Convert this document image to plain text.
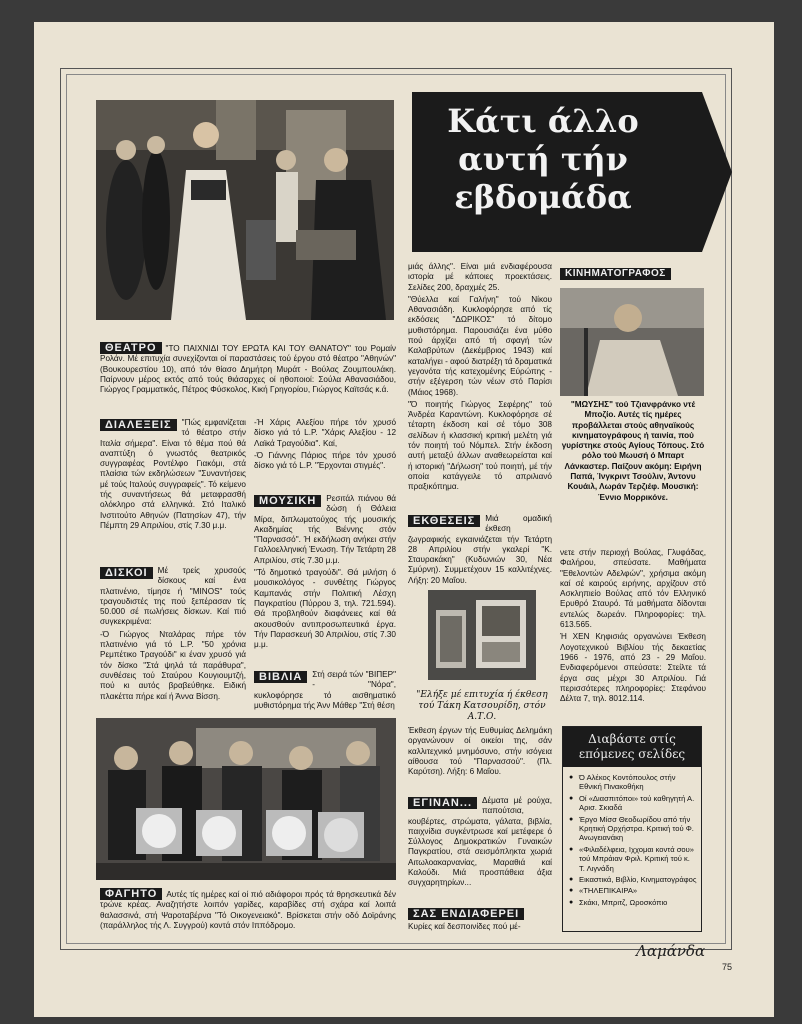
Κάτι άλλο αυτή τήν εβδομάδα
ΘΕΑΤΡΟ "ΤΟ ΠΑΙΧΝΙΔΙ ΤΟΥ ΕΡΩΤΑ ΚΑΙ ΤΟΥ ΘΑΝΑΤΟΥ" του Ρομαίν Ρολάν. Μέ επιτυχία συνεχίζονται οί παραστάσεις τού έργου στό θέατρο "Αθηνών" (Βουκουρεστίου 10), από τόν θίασο Δημήτρη Μυράτ - Βούλας Ζουμπουλάκη. Παίρνουν μέρος εκτός από τούς θιάσαρχες οί ηθοποιοί: Σούλα Αθανασιάδου, Γιώργος Γραμματικός, Πέτρος Φύσκολος, Κική Γρηγορίου, Γιώργος Καϊτσάς κ.ά.
ΔΙΑΛΕΞΕΙΣ	"Πώς εμφανίζεται τό θέατρο στήν Ιταλία σήμερα". Είναι τό θέμα πού θά αναπτύξη ό γνωστός θεατρικός συγγραφέας Ροντέλφο Γιακόμι, στά πλαίσια τών εκδηλώσεων "Συναντήσεις μέ τούς Ιταλούς συγγραφείς". Τό κείμενο τής συναντήσεως θά μεταφρασθή ολόκληρο στά ελληνικά. Στό Ιταλικό Ινστιτούτο Αθηνών (Πατησίων 47), τήν Πέμπτη 29 Απριλίου, στίς 7.30 μ.μ.

ΔΙΣΚΟΙ	Μέ τρείς χρυσούς δίσκους καί ένα πλατινένιο, τίμησε ή "MINOS" τούς τραγουδιστές της πού ξεπέρασαν τίς 50.000 σέ πωλήσεις δίσκων. Καί πιό συγκεκριμένα:

-Ό Γιώργος Νταλάρας πήρε τόν πλατινένιο γιά τό L.P. "50 χρόνια Ρεμπέτικο Τραγούδι" κι έναν χρυσό γιά τόν δίσκο "Στά ψηλά τά παράθυρα", συνθέσεις τού Σταύρου Κουγιουμτζή, πού κι αυτός βραβεύθηκε. Ειδική πλακέττα πήρε καί ή Άννα Βίσση.

-Ή Χάρις Αλεξίου πήρε τόν χρυσό δίσκο γιά τό L.P. "Χάρις Αλεξίου - 12 Λαϊκά Τραγούδια". Καί,

-Ό Γιάννης Πάριος πήρε τόν χρυσό δίσκο γιά τό L.P. "Έρχονται στιγμές".

ΜΟΥΣΙΚΗ	Ρεσιτάλ πιάνου θά δώση ή Θάλεια Μίρα, διπλωματούχος τής μουσικής Ακαδημίας τής Βιέννης στόν "Παρνασσό". Ή εκδήλωση ανήκει στήν Γαλλοελληνική Ένωση. Τήν Τετάρτη 28 Απριλίου, στίς 7.30 μ.μ.

"Τό δημοτικό τραγούδι". Θά μιλήση ό μουσικολόγος - συνθέτης Γιώργος Καμπανάς στήν Πολιτική Λέσχη Παγκρατίου (Πύρρου 3, τηλ. 721.594). Θά προβληθούν διαφάνειες καί θά ακουσθούν αντιπροσωπευτικά έργα. Τήν Παρασκευή 30 Απριλίου, στίς 7.30 μ.μ.

ΒΙΒΛΙΑ	Στή σειρά τών "ΒΙΠΕΡ" - "Νόρα", κυκλοφόρησε τό αισθηματικό μυθιστόρημα τής Άνν Μάθερ "Στή θέση
ΦΑΓΗΤΟ Αυτές τίς ημέρες καί οί πιό αδιάφοροι πρός τά θρησκευτικά δέν τρώνε κρέας. Αναζητήστε λοιπόν γαρίδες, καραβίδες στή σχάρα καί λοιπά θαλασσινά, στή Ψαροταβέρνα "Τό Οικογενειακό". Βρίσκεται στήν οδό Δοϊράνης (παράλληλος τής Λ. Συγγρού) κοντά στόν Ιππόδρομο.

μιάς άλλης". Είναι μιά ενδιαφέρουσα ιστορία μέ κάποιες προεκτάσεις. Σελίδες 200, δραχμές 25.

"Θύελλα καί Γαλήνη" τού Νίκου Αθανασιάδη. Κυκλοφόρησε από τίς εκδόσεις "ΔΩΡΙΚΟΣ" τό δίτομο μυθιστόρημα. Παρουσιάζει ένα μύθο πού άρχίζει από τή σφαγή τών Καλαβρύτων (Δεκέμβριος 1943) καί καταλήγει - αφού διατρέξη τά δραματικά γεγονότα τής κατεχομένης Εύρώπης - στήν εξέγερση τών νέων στό Παρίσι (Μάιος 1968).

"Ό ποιητής Γιώργος Σεφέρης" τού Άνδρέα Καραντώνη. Κυκλοφόρησε σέ τέταρτη έκδοση καί σέ τόμο 308 σελίδων ή κλασσική κριτική μελέτη γιά τόν ποιητή τού Νόμπελ. Στήν έκδοση αυτή μεταξύ άλλων αναθεωρείσται καί ή ιστορική "Δήλωση" τού ποιητή, μέ τήν οποία κατάγγειλε τό απριλιανό πραξικόπημα.

ΕΚΘΕΣΕΙΣ	Μιά ομαδική έκθεση ζωγραφικής εγκαινιάζεται τήν Τετάρτη 28 Απριλίου στήν γκαλερί "Κ. Σταυρακάκη" (Κυδωνιών 30, Νέα Σμύρνη). Συμμετέχουν 15 καλλιτέχνες. Λήξη: 20 Μαΐου.
"Ελήξε μέ επιτυχία ή έκθεση τού Τάκη Κατσουρίδη, στόν Α.Τ.Ο.

Έκθεση έργων τής Ευθυμίας Δελημάκη οργανώνουν οί οικείοι της, σάν καλλιτεχνικό μνημόσυνο, στήν ισόγεια αίθουσα τού "Παρνασσού". (Πλ. Καρύτση). Λήξη: 6 Μαΐου.

ΕΓΙΝΑΝ...	Δέματα μέ ρούχα, παπούτσια, κουβέρτες, στρώματα, γάλατα, βιβλία, παιχνίδια συγκέντρωσε καί μετέφερε ό Σύλλογος Δημοκρατικών Γυναικών Παγκρατίου, στά σεισμόπληκτα χωριά Αιτωλοακαρνανίας, Μαραθιά καί Καλούδι. Μιά προσπάθεια άξια συγχαρητηρίων...

ΣΑΣ ΕΝΔΙΑΦΕΡΕΙ

Κυρίες καί δεσποινίδες πού μέ-

ΚΙΝΗΜΑΤΟΓΡΑΦΟΣ

"ΜΩΥΣΗΣ" τού Τζιανφράνκο ντέ Μποζίο. Αυτές τίς ημέρες προβάλλεται στούς αθηναϊκούς κινηματογράφους ή ταινία, πού γυρίστηκε στούς Αγίους Τόπους. Στό ρόλο τού Μωυσή ό Μπαρτ Λάνκαστερ. Παίζουν ακόμη: Ειρήνη Παπά, Ίνγκριντ Τσούλιν, Άντονυ Κουάιλ, Λωράν Τερζιέφ. Μουσική: Έννιο Μορρικόνε.

νετε στήν περιοχή Βούλας, Γλυφάδας, Φαλήρου, σπεύσατε. Μαθήματα "Εθελοντών Αδελφών", χρήσιμα ακόμη καί σέ καιρούς ειρήνης, αρχίζουν στό Ασκληπιείο Βούλας από τόν Ελληνικό Ερυθρό Σταυρό. Τά μαθήματα δίδονται εντελώς δωρεάν. Πληροφορίες: τηλ. 613.565.

Ή ΧΕΝ Κηφισιάς οργανώνει Έκθεση Λογοτεχνικού Βιβλίου τής δεκαετίας 1966 - 1976, από 23 - 29 Μαΐου. Ενδιαφερόμενοι σπεύσατε: Στείλτε τά έργα σας μέχρι 30 Απριλίου. Γιά περισσότερες πληροφορίες: Στεφάνου Δέλτα 7, τηλ. 8012.114.

Διαβάστε στίς επόμενες σελίδες
● Ό Αλέκος Κοντόπουλος στήν Εθνική Πινακοθήκη
● Οί «Διασπιτόποι» τού καθηγητή Α. Αρισ. Σκιαδά
● Έργο Μίσσ Θεοδωρίδου από τήν Κρητική Ορχήστρα. Κριτική τού Φ. Ανωγειανάκη
● «Φιλαδέλφεια, Ιχχομαι κοντά σου» τού Μπράιαν Φριλ. Κριτική τού κ. Τ. Λιγνάδη
● Εικαστικά, Βιβλίο, Κινηματογράφος
● «ΤΗΛΕΠΙΚΑΙΡΑ»
● Σκάκι, Μπριτζ, Ωροσκόπιο
Λαμάνδα
75
